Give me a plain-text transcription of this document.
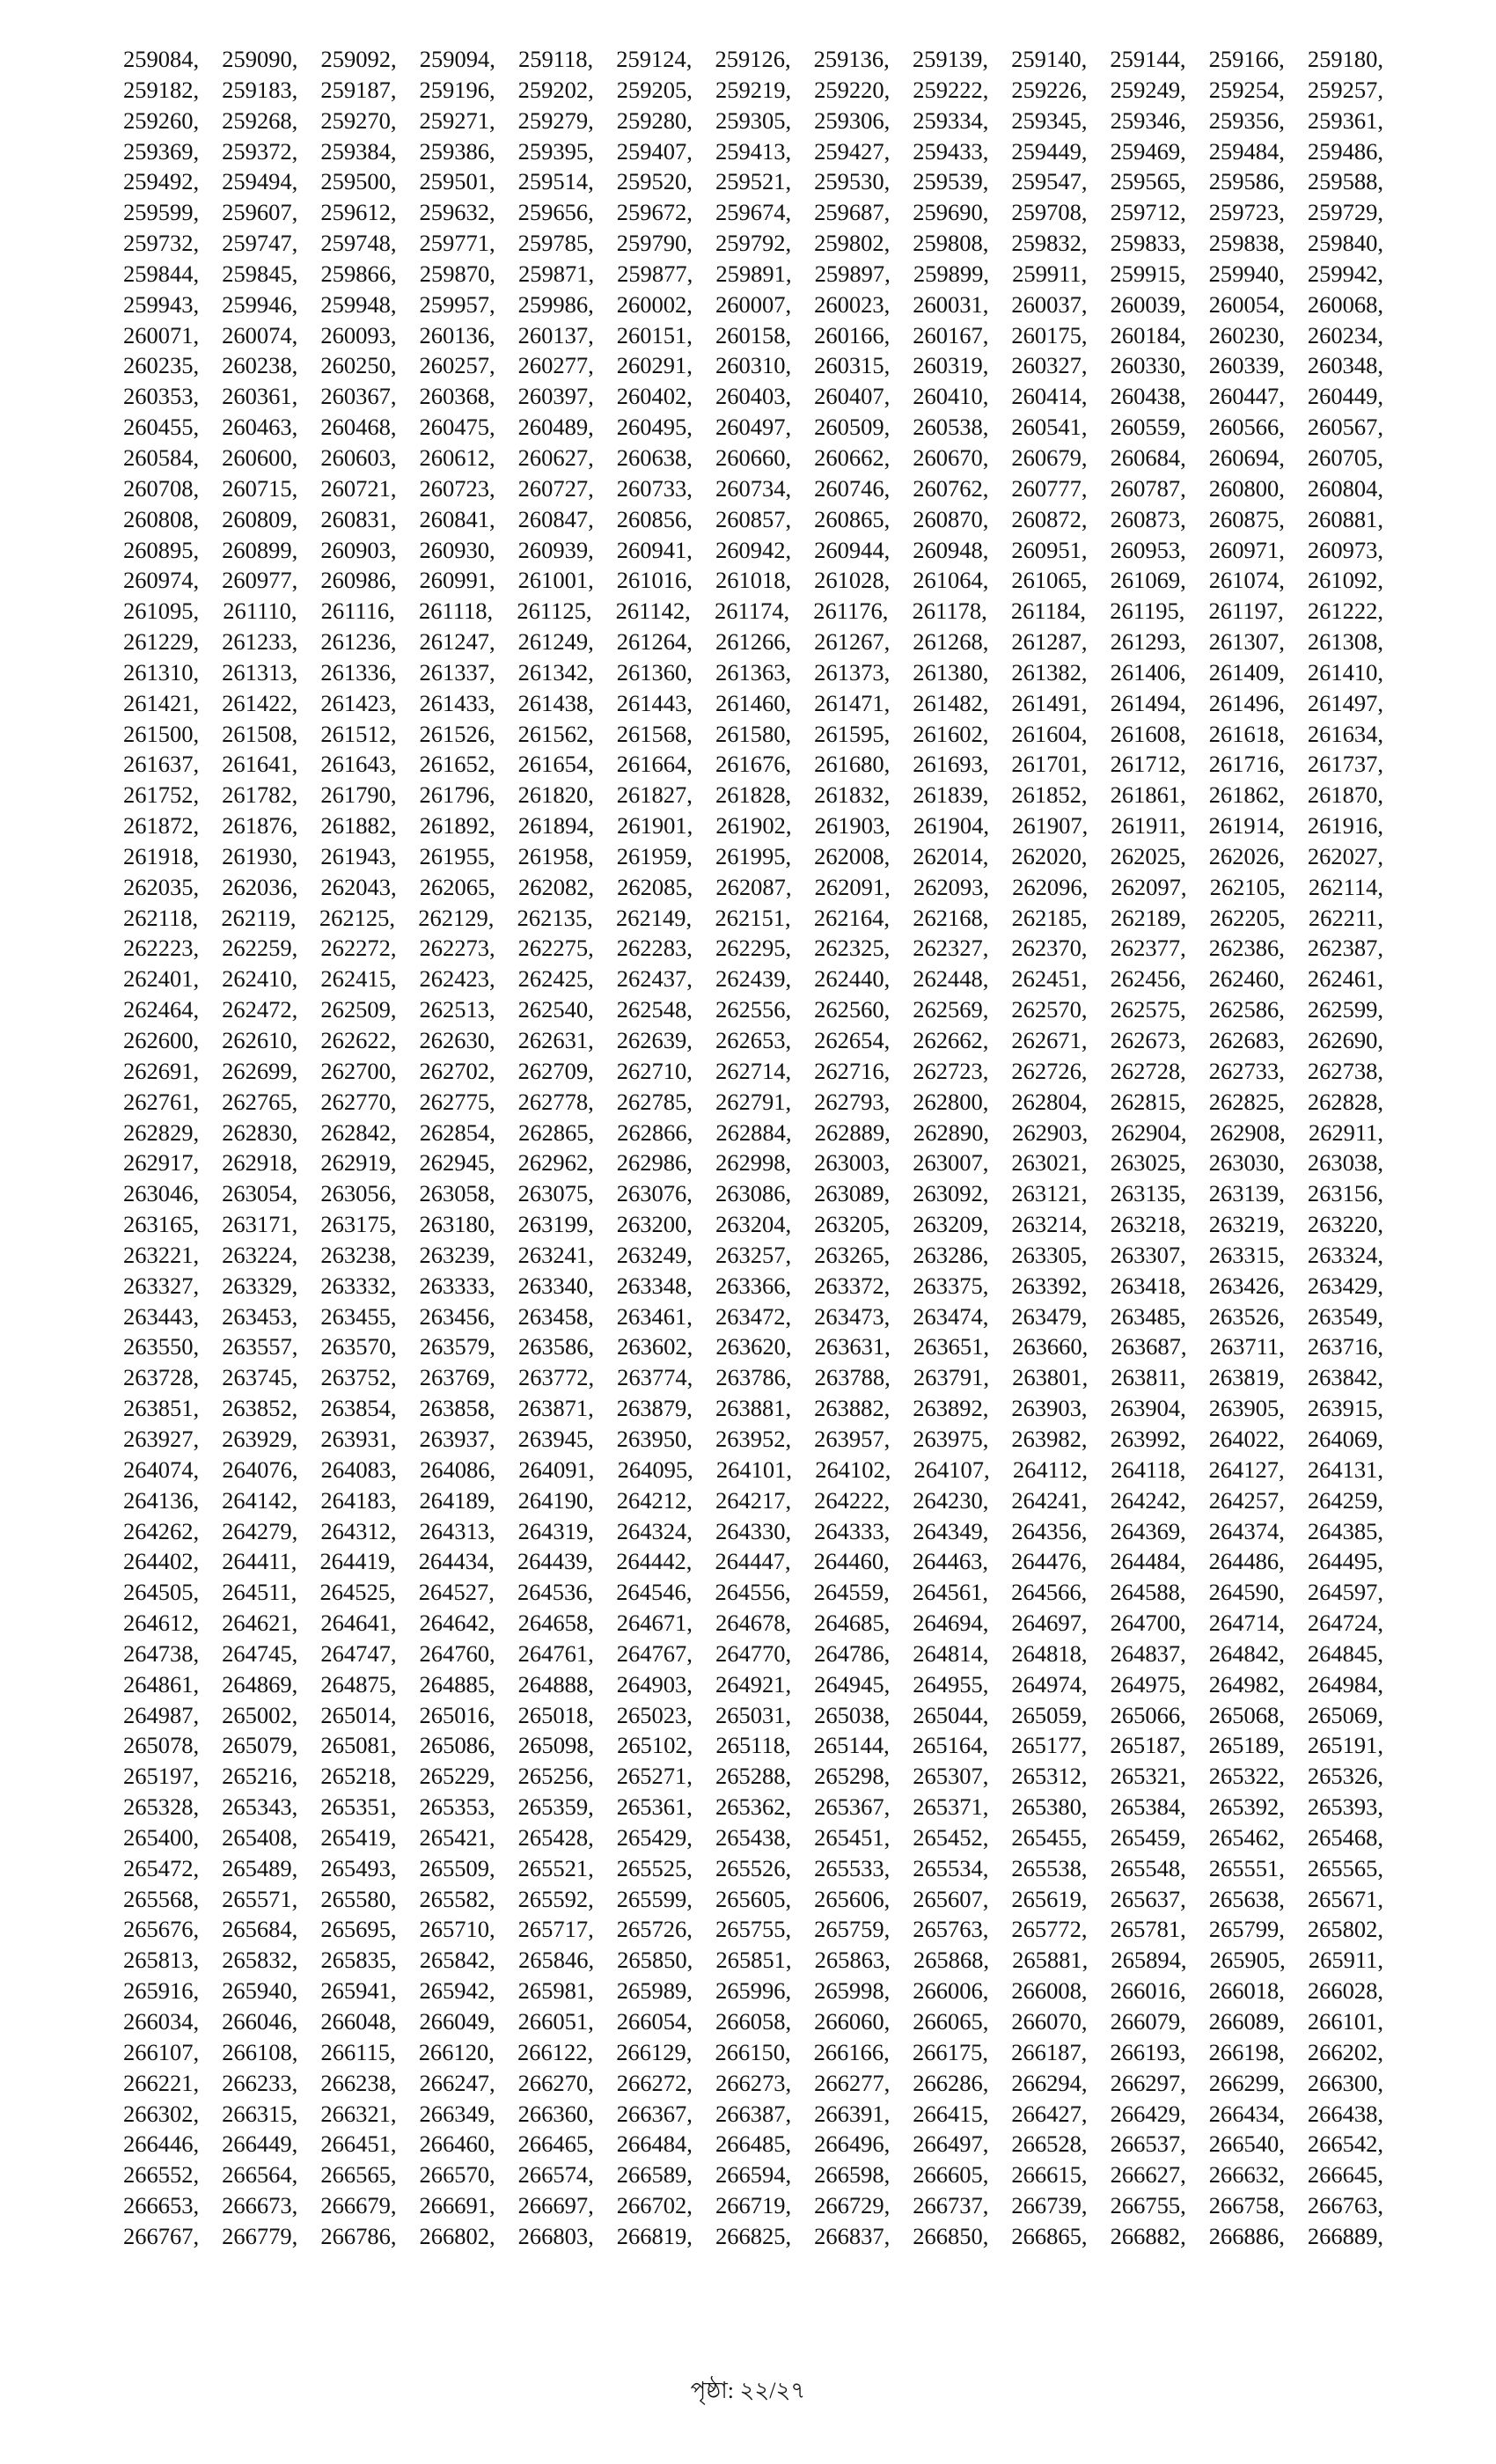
259084, 259090, 259092, 259094, 259118, 259124, 259126, 259136, 259139, 259140, 259144, 259166, 259180,
259182, 259183, 259187, 259196, 259202, 259205, 259219, 259220, 259222, 259226, 259249, 259254, 259257,
259260, 259268, 259270, 259271, 259279, 259280, 259305, 259306, 259334, 259345, 259346, 259356, 259361,
259369, 259372, 259384, 259386, 259395, 259407, 259413, 259427, 259433, 259449, 259469, 259484, 259486,
259492, 259494, 259500, 259501, 259514, 259520, 259521, 259530, 259539, 259547, 259565, 259586, 259588,
259599, 259607, 259612, 259632, 259656, 259672, 259674, 259687, 259690, 259708, 259712, 259723, 259729,
259732, 259747, 259748, 259771, 259785, 259790, 259792, 259802, 259808, 259832, 259833, 259838, 259840,
259844, 259845, 259866, 259870, 259871, 259877, 259891, 259897, 259899, 259911, 259915, 259940, 259942,
259943, 259946, 259948, 259957, 259986, 260002, 260007, 260023, 260031, 260037, 260039, 260054, 260068,
260071, 260074, 260093, 260136, 260137, 260151, 260158, 260166, 260167, 260175, 260184, 260230, 260234,
260235, 260238, 260250, 260257, 260277, 260291, 260310, 260315, 260319, 260327, 260330, 260339, 260348,
260353, 260361, 260367, 260368, 260397, 260402, 260403, 260407, 260410, 260414, 260438, 260447, 260449,
260455, 260463, 260468, 260475, 260489, 260495, 260497, 260509, 260538, 260541, 260559, 260566, 260567,
260584, 260600, 260603, 260612, 260627, 260638, 260660, 260662, 260670, 260679, 260684, 260694, 260705,
260708, 260715, 260721, 260723, 260727, 260733, 260734, 260746, 260762, 260777, 260787, 260800, 260804,
260808, 260809, 260831, 260841, 260847, 260856, 260857, 260865, 260870, 260872, 260873, 260875, 260881,
260895, 260899, 260903, 260930, 260939, 260941, 260942, 260944, 260948, 260951, 260953, 260971, 260973,
260974, 260977, 260986, 260991, 261001, 261016, 261018, 261028, 261064, 261065, 261069, 261074, 261092,
261095, 261110, 261116, 261118, 261125, 261142, 261174, 261176, 261178, 261184, 261195, 261197, 261222,
261229, 261233, 261236, 261247, 261249, 261264, 261266, 261267, 261268, 261287, 261293, 261307, 261308,
261310, 261313, 261336, 261337, 261342, 261360, 261363, 261373, 261380, 261382, 261406, 261409, 261410,
261421, 261422, 261423, 261433, 261438, 261443, 261460, 261471, 261482, 261491, 261494, 261496, 261497,
261500, 261508, 261512, 261526, 261562, 261568, 261580, 261595, 261602, 261604, 261608, 261618, 261634,
261637, 261641, 261643, 261652, 261654, 261664, 261676, 261680, 261693, 261701, 261712, 261716, 261737,
261752, 261782, 261790, 261796, 261820, 261827, 261828, 261832, 261839, 261852, 261861, 261862, 261870,
261872, 261876, 261882, 261892, 261894, 261901, 261902, 261903, 261904, 261907, 261911, 261914, 261916,
261918, 261930, 261943, 261955, 261958, 261959, 261995, 262008, 262014, 262020, 262025, 262026, 262027,
262035, 262036, 262043, 262065, 262082, 262085, 262087, 262091, 262093, 262096, 262097, 262105, 262114,
262118, 262119, 262125, 262129, 262135, 262149, 262151, 262164, 262168, 262185, 262189, 262205, 262211,
262223, 262259, 262272, 262273, 262275, 262283, 262295, 262325, 262327, 262370, 262377, 262386, 262387,
262401, 262410, 262415, 262423, 262425, 262437, 262439, 262440, 262448, 262451, 262456, 262460, 262461,
262464, 262472, 262509, 262513, 262540, 262548, 262556, 262560, 262569, 262570, 262575, 262586, 262599,
262600, 262610, 262622, 262630, 262631, 262639, 262653, 262654, 262662, 262671, 262673, 262683, 262690,
262691, 262699, 262700, 262702, 262709, 262710, 262714, 262716, 262723, 262726, 262728, 262733, 262738,
262761, 262765, 262770, 262775, 262778, 262785, 262791, 262793, 262800, 262804, 262815, 262825, 262828,
262829, 262830, 262842, 262854, 262865, 262866, 262884, 262889, 262890, 262903, 262904, 262908, 262911,
262917, 262918, 262919, 262945, 262962, 262986, 262998, 263003, 263007, 263021, 263025, 263030, 263038,
263046, 263054, 263056, 263058, 263075, 263076, 263086, 263089, 263092, 263121, 263135, 263139, 263156,
263165, 263171, 263175, 263180, 263199, 263200, 263204, 263205, 263209, 263214, 263218, 263219, 263220,
263221, 263224, 263238, 263239, 263241, 263249, 263257, 263265, 263286, 263305, 263307, 263315, 263324,
263327, 263329, 263332, 263333, 263340, 263348, 263366, 263372, 263375, 263392, 263418, 263426, 263429,
263443, 263453, 263455, 263456, 263458, 263461, 263472, 263473, 263474, 263479, 263485, 263526, 263549,
263550, 263557, 263570, 263579, 263586, 263602, 263620, 263631, 263651, 263660, 263687, 263711, 263716,
263728, 263745, 263752, 263769, 263772, 263774, 263786, 263788, 263791, 263801, 263811, 263819, 263842,
263851, 263852, 263854, 263858, 263871, 263879, 263881, 263882, 263892, 263903, 263904, 263905, 263915,
263927, 263929, 263931, 263937, 263945, 263950, 263952, 263957, 263975, 263982, 263992, 264022, 264069,
264074, 264076, 264083, 264086, 264091, 264095, 264101, 264102, 264107, 264112, 264118, 264127, 264131,
264136, 264142, 264183, 264189, 264190, 264212, 264217, 264222, 264230, 264241, 264242, 264257, 264259,
264262, 264279, 264312, 264313, 264319, 264324, 264330, 264333, 264349, 264356, 264369, 264374, 264385,
264402, 264411, 264419, 264434, 264439, 264442, 264447, 264460, 264463, 264476, 264484, 264486, 264495,
264505, 264511, 264525, 264527, 264536, 264546, 264556, 264559, 264561, 264566, 264588, 264590, 264597,
264612, 264621, 264641, 264642, 264658, 264671, 264678, 264685, 264694, 264697, 264700, 264714, 264724,
264738, 264745, 264747, 264760, 264761, 264767, 264770, 264786, 264814, 264818, 264837, 264842, 264845,
264861, 264869, 264875, 264885, 264888, 264903, 264921, 264945, 264955, 264974, 264975, 264982, 264984,
264987, 265002, 265014, 265016, 265018, 265023, 265031, 265038, 265044, 265059, 265066, 265068, 265069,
265078, 265079, 265081, 265086, 265098, 265102, 265118, 265144, 265164, 265177, 265187, 265189, 265191,
265197, 265216, 265218, 265229, 265256, 265271, 265288, 265298, 265307, 265312, 265321, 265322, 265326,
265328, 265343, 265351, 265353, 265359, 265361, 265362, 265367, 265371, 265380, 265384, 265392, 265393,
265400, 265408, 265419, 265421, 265428, 265429, 265438, 265451, 265452, 265455, 265459, 265462, 265468,
265472, 265489, 265493, 265509, 265521, 265525, 265526, 265533, 265534, 265538, 265548, 265551, 265565,
265568, 265571, 265580, 265582, 265592, 265599, 265605, 265606, 265607, 265619, 265637, 265638, 265671,
265676, 265684, 265695, 265710, 265717, 265726, 265755, 265759, 265763, 265772, 265781, 265799, 265802,
265813, 265832, 265835, 265842, 265846, 265850, 265851, 265863, 265868, 265881, 265894, 265905, 265911,
265916, 265940, 265941, 265942, 265981, 265989, 265996, 265998, 266006, 266008, 266016, 266018, 266028,
266034, 266046, 266048, 266049, 266051, 266054, 266058, 266060, 266065, 266070, 266079, 266089, 266101,
266107, 266108, 266115, 266120, 266122, 266129, 266150, 266166, 266175, 266187, 266193, 266198, 266202,
266221, 266233, 266238, 266247, 266270, 266272, 266273, 266277, 266286, 266294, 266297, 266299, 266300,
266302, 266315, 266321, 266349, 266360, 266367, 266387, 266391, 266415, 266427, 266429, 266434, 266438,
266446, 266449, 266451, 266460, 266465, 266484, 266485, 266496, 266497, 266528, 266537, 266540, 266542,
266552, 266564, 266565, 266570, 266574, 266589, 266594, 266598, 266605, 266615, 266627, 266632, 266645,
266653, 266673, 266679, 266691, 266697, 266702, 266719, 266729, 266737, 266739, 266755, 266758, 266763,
266767, 266779, 266786, 266802, 266803, 266819, 266825, 266837, 266850, 266865, 266882, 266886, 266889,
পৃষ্ঠা: ২২/২৭
